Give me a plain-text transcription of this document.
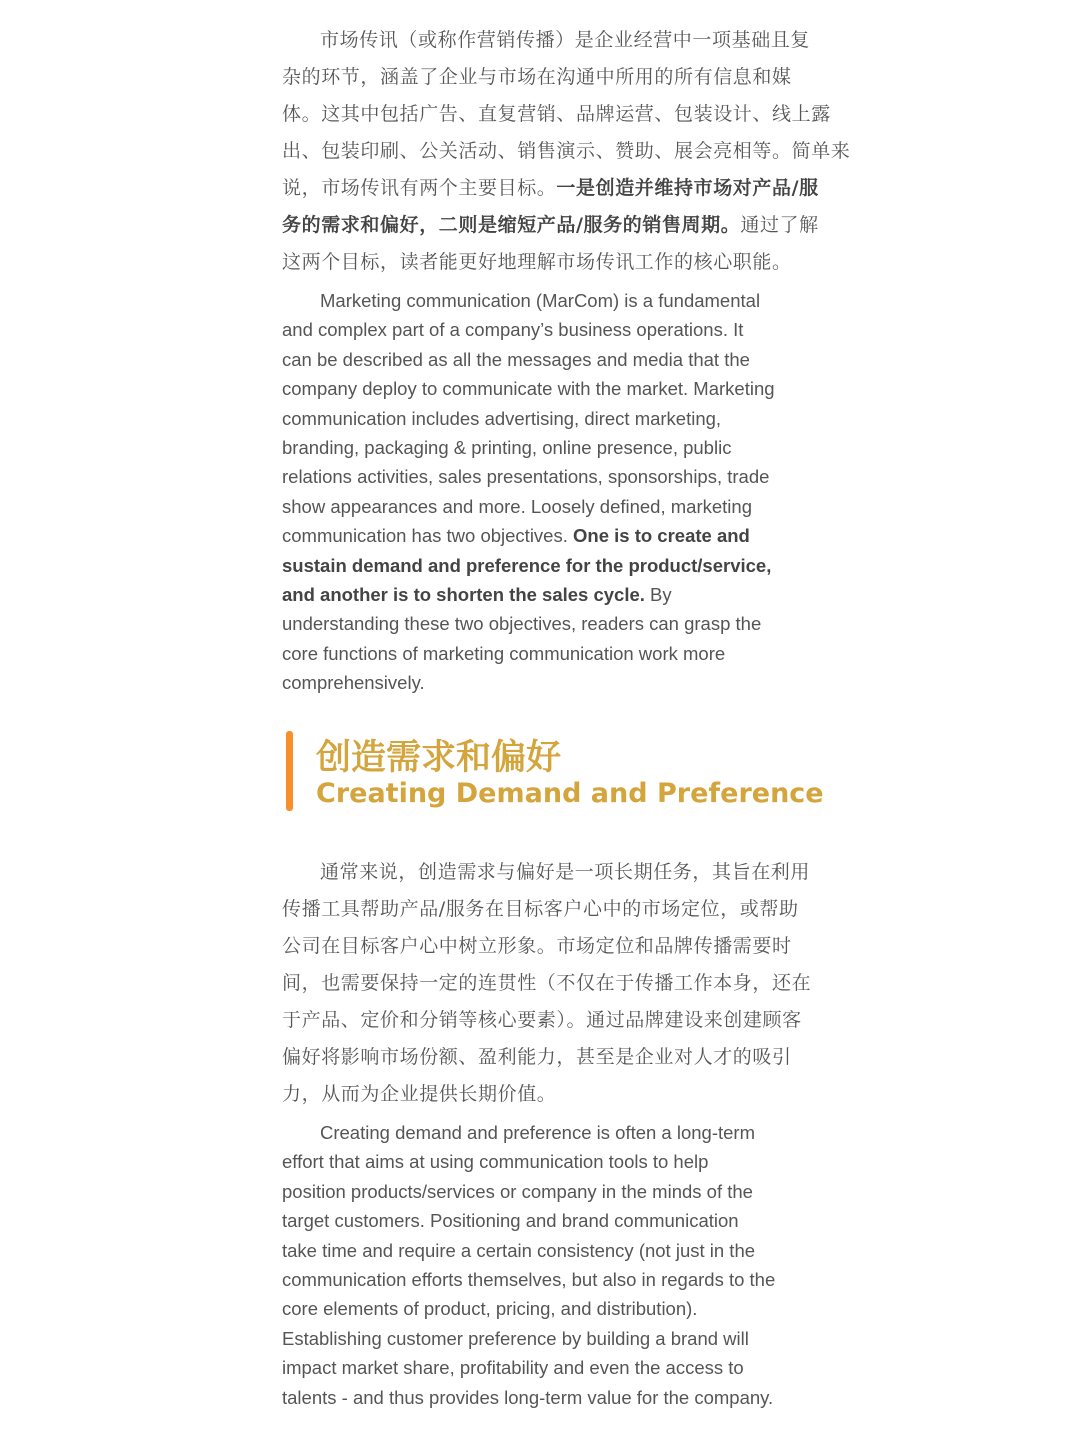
市场传讯（或称作营销传播）是企业经营中一项基础且复
杂的环节，涵盖了企业与市场在沟通中所用的所有信息和媒
体。这其中包括广告、直复营销、品牌运营、包装设计、线上露
出、包装印刷、公关活动、销售演示、赞助、展会亮相等。简单来
说，市场传讯有两个主要目标。一是创造并维持市场对产品/服
务的需求和偏好，二则是缩短产品/服务的销售周期。通过了解
这两个目标，读者能更好地理解市场传讯工作的核心职能。
Marketing communication (MarCom) is a fundamental
and complex part of a company’s business operations. It
can be described as all the messages and media that the
company deploy to communicate with the market. Marketing
communication includes advertising, direct marketing,
branding, packaging & printing, online presence, public
relations activities, sales presentations, sponsorships, trade
show appearances and more. Loosely defined, marketing
communication has two objectives. One is to create and
sustain demand and preference for the product/service,
and another is to shorten the sales cycle. By
understanding these two objectives, readers can grasp the
core functions of marketing communication work more
comprehensively.
创造需求和偏好
Creating Demand and Preference
通常来说，创造需求与偏好是一项长期任务，其旨在利用
传播工具帮助产品/服务在目标客户心中的市场定位，或帮助
公司在目标客户心中树立形象。市场定位和品牌传播需要时
间，也需要保持一定的连贯性（不仅在于传播工作本身，还在
于产品、定价和分销等核心要素）。通过品牌建设来创建顾客
偏好将影响市场份额、盈利能力，甚至是企业对人才的吸引
力，从而为企业提供长期价值。
Creating demand and preference is often a long-term
effort that aims at using communication tools to help
position products/services or company in the minds of the
target customers. Positioning and brand communication
take time and require a certain consistency (not just in the
communication efforts themselves, but also in regards to the
core elements of product, pricing, and distribution).
Establishing customer preference by building a brand will
impact market share, profitability and even the access to
talents - and thus provides long-term value for the company.
